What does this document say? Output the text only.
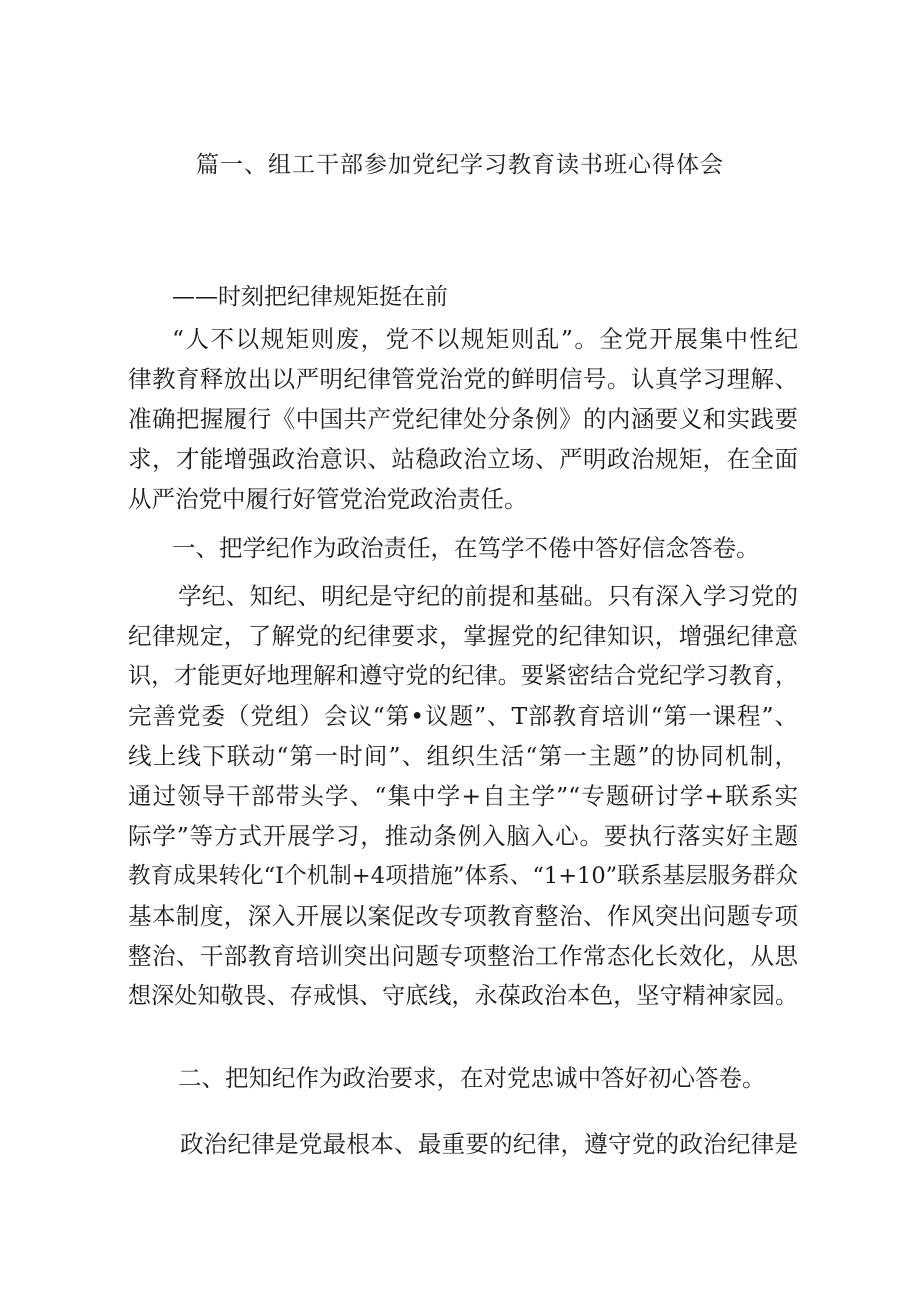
篇一、组工干部参加党纪学习教育读书班心得体会
——时刻把纪律规矩挺在前
“人不以规矩则废，党不以规矩则乱”。全党开展集中性纪
律教育释放出以严明纪律管党治党的鲜明信号。认真学习理解、
准确把握履行《中国共产党纪律处分条例》的内涵要义和实践要
求，才能增强政治意识、站稳政治立场、严明政治规矩，在全面
从严治党中履行好管党治党政治责任。
一、把学纪作为政治责任，在笃学不倦中答好信念答卷。
学纪、知纪、明纪是守纪的前提和基础。只有深入学习党的
纪律规定，了解党的纪律要求，掌握党的纪律知识，增强纪律意
识，才能更好地理解和遵守党的纪律。要紧密结合党纪学习教育，
完善党委（党组）会议“第•议题”、T部教育培训“第一课程”、
线上线下联动“第一时间”、组织生活“第一主题”的协同机制，
通过领导干部带头学、“集中学+自主学”“专题研讨学+联系实
际学”等方式开展学习，推动条例入脑入心。要执行落实好主题
教育成果转化“I个机制+4项措施”体系、“1+10”联系基层服务群众
基本制度，深入开展以案促改专项教育整治、作风突出问题专项
整治、干部教育培训突出问题专项整治工作常态化长效化，从思
想深处知敬畏、存戒惧、守底线，永葆政治本色，坚守精神家园。
二、把知纪作为政治要求，在对党忠诚中答好初心答卷。
政治纪律是党最根本、最重要的纪律，遵守党的政治纪律是
